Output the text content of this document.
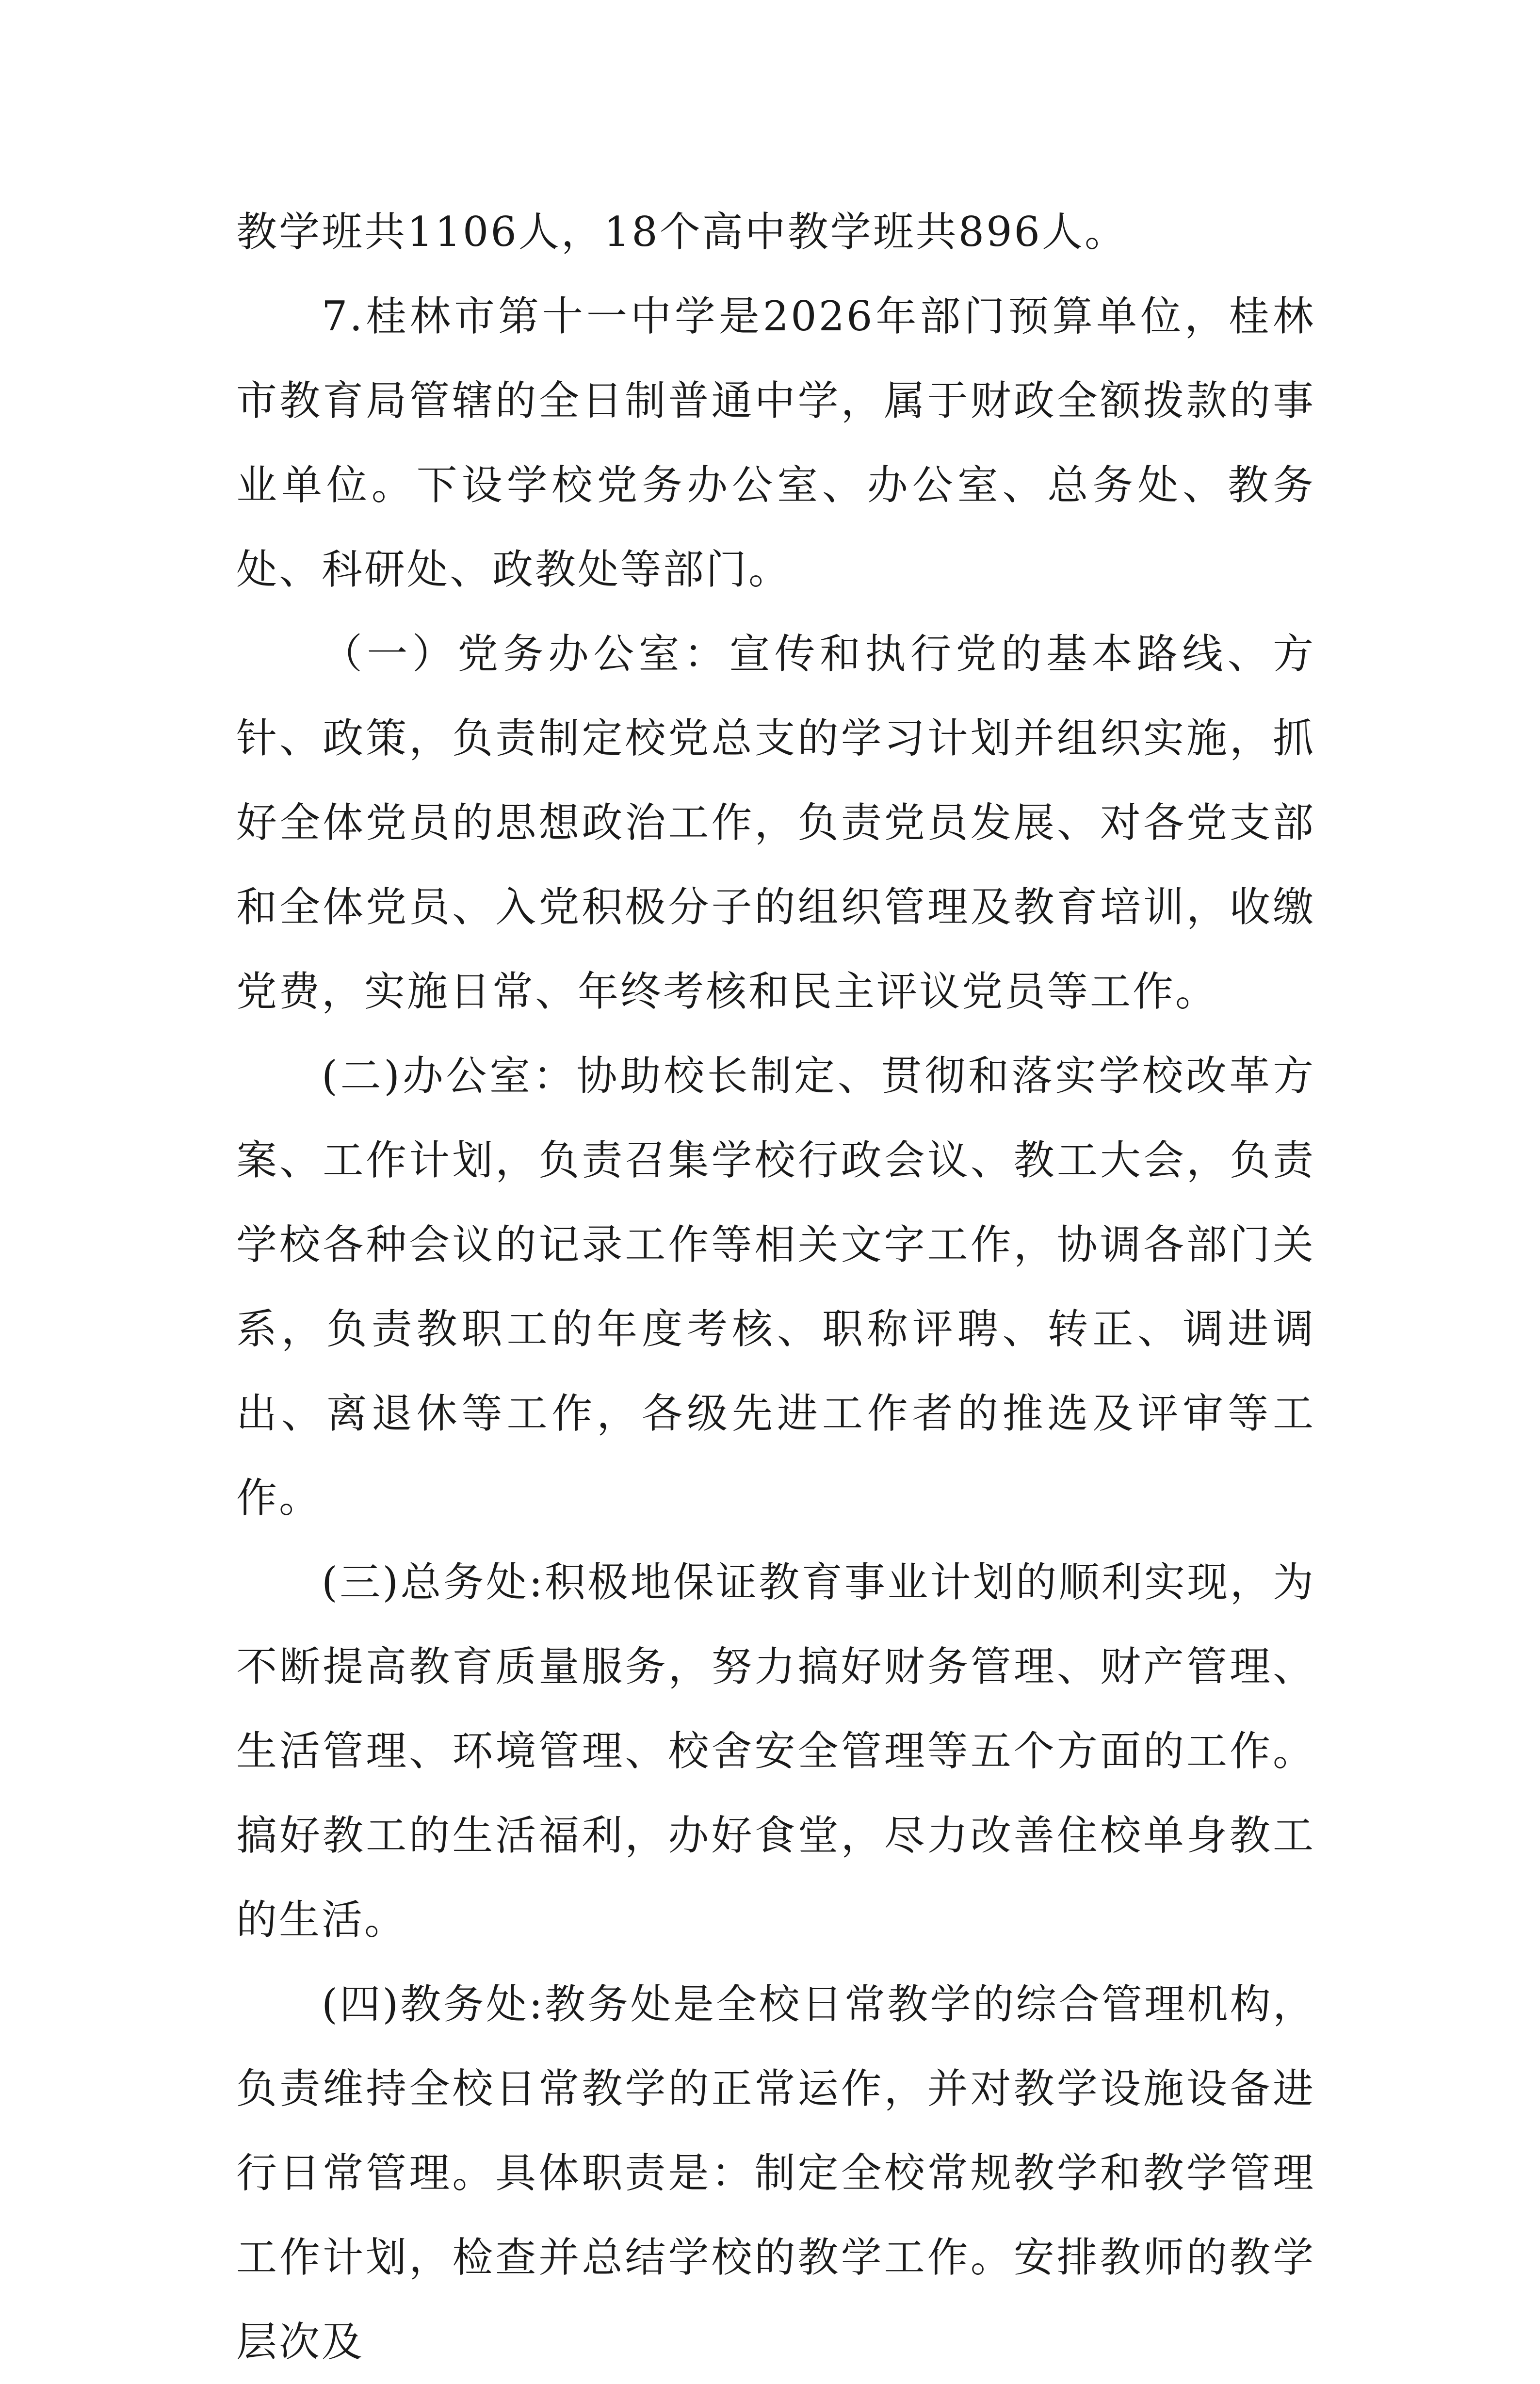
教学班共1106人，18个高中教学班共896人。

7.桂林市第十一中学是2026年部门预算单位，桂林市教育局管辖的全日制普通中学，属于财政全额拨款的事业单位。下设学校党务办公室、办公室、总务处、教务处、科研处、政教处等部门。

（一）党务办公室：宣传和执行党的基本路线、方针、政策，负责制定校党总支的学习计划并组织实施，抓好全体党员的思想政治工作，负责党员发展、对各党支部和全体党员、入党积极分子的组织管理及教育培训，收缴党费，实施日常、年终考核和民主评议党员等工作。

(二)办公室：协助校长制定、贯彻和落实学校改革方案、工作计划，负责召集学校行政会议、教工大会，负责学校各种会议的记录工作等相关文字工作，协调各部门关系，负责教职工的年度考核、职称评聘、转正、调进调出、离退休等工作，各级先进工作者的推选及评审等工作。

(三)总务处:积极地保证教育事业计划的顺利实现，为不断提高教育质量服务，努力搞好财务管理、财产管理、生活管理、环境管理、校舍安全管理等五个方面的工作。搞好教工的生活福利，办好食堂，尽力改善住校单身教工的生活。

(四)教务处:教务处是全校日常教学的综合管理机构，负责维持全校日常教学的正常运作，并对教学设施设备进行日常管理。具体职责是：制定全校常规教学和教学管理工作计划，检查并总结学校的教学工作。安排教师的教学层次及
